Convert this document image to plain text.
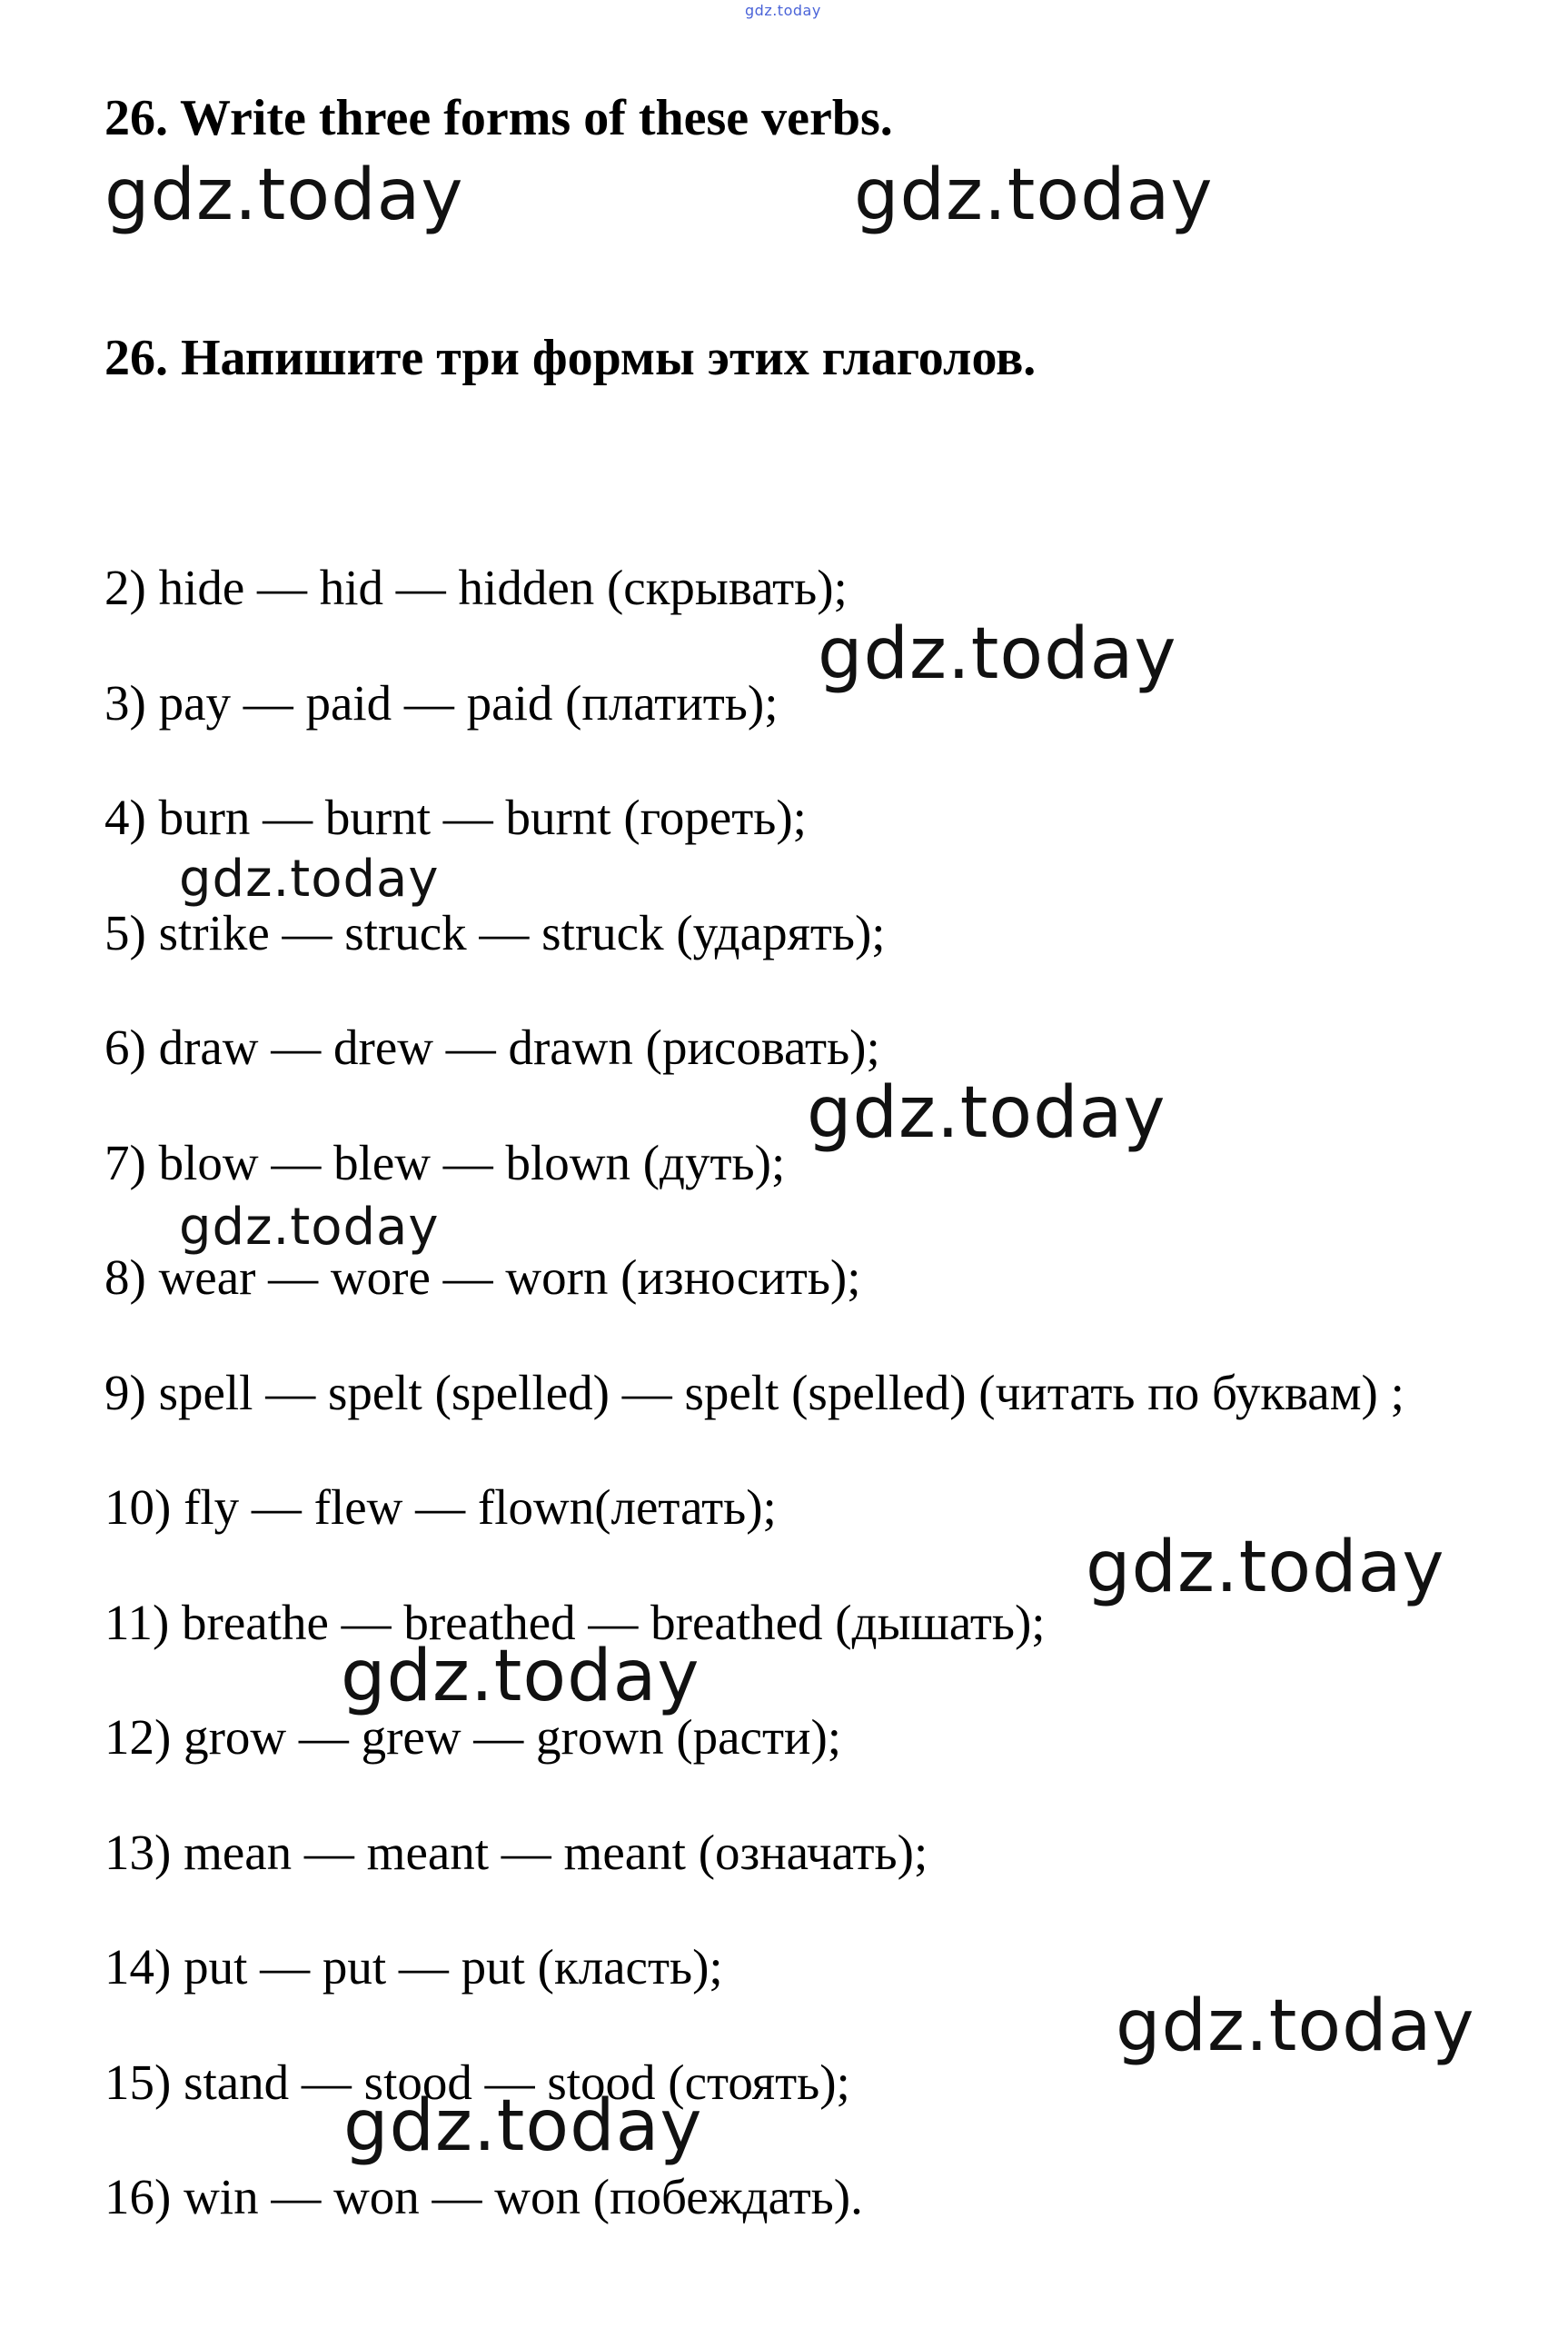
gdz.today
26. Write three forms of these verbs.
26. Напишите три формы этих глаголов.
2) hide — hid — hidden (скрывать);
3) pay — paid — paid (платить);
4) burn — burnt — burnt (гореть);
5) strike — struck — struck (ударять);
6) draw — drew — drawn (рисовать);
7) blow — blew — blown (дуть);
8) wear — wore — worn (износить);
9) spell — spelt (spelled) — spelt (spelled) (читать по буквам) ;
10) fly — flew — flown(летать);
11) breathe — breathed — breathed (дышать);
12) grow — grew — grown (расти);
13) mean — meant — meant (означать);
14) put — put — put (класть);
15) stand — stood — stood (стоять);
16) win — won — won (побеждать).
gdz.today	gdz.today
gdz.today
gdz.today
gdz.today
gdz.today
gdz.today
gdz.today
gdz.today
gdz.today
